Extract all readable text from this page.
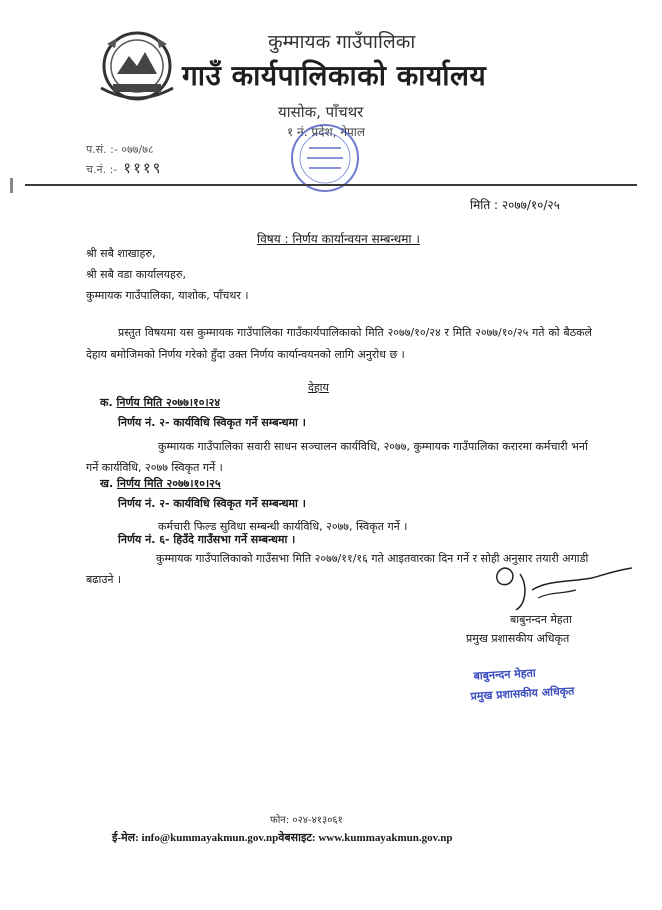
कुम्मायक गाउँपालिका
गाउँ कार्यपालिकाको कार्यालय
यासोक, पाँचथर
१ नं. प्रदेश, नेपाल
प.सं. :- ०७७/७८
च.नं. :- १११९
मिति : २०७७/१०/२५
विषय : निर्णय कार्यान्वयन सम्बन्धमा ।
श्री सबै शाखाहरु,
श्री सबै वडा कार्यालयहरु,
कुम्मायक गाउँपालिका, याशोक, पाँचथर ।
प्रस्तुत विषयमा यस कुम्मायक गाउँपालिका गाउँकार्यपालिकाको मिति २०७७/१०/२४ र मिति २०७७/१०/२५ गते को बैठकले देहाय बमोजिमको निर्णय गरेको हुँदा उक्त निर्णय कार्यान्वयनको लागि अनुरोध छ ।
देहाय
क. निर्णय मिति २०७७।१०।२४
निर्णय नं. २- कार्यविधि स्विकृत गर्ने सम्बन्धमा ।
कुम्मायक गाउँपालिका सवारी साधन सञ्चालन कार्यविधि, २०७७, कुम्मायक गाउँपालिका करारमा कर्मचारी भर्ना गर्ने कार्यविधि, २०७७ स्विकृत गर्ने ।
ख. निर्णय मिति २०७७।१०।२५
निर्णय नं. २- कार्यविधि स्विकृत गर्ने सम्बन्धमा ।
कर्मचारी फिल्ड सुविधा सम्बन्धी कार्यविधि, २०७७, स्विकृत गर्ने ।
निर्णय नं. ६- हिउँदे गाउँसभा गर्ने सम्बन्धमा ।
कुम्मायक गाउँपालिकाको गाउँसभा मिति २०७७/११/१६ गते आइतवारका दिन गर्ने र सोही अनुसार तयारी अगाडी बढाउने ।
बाबुनन्दन मेहता
प्रमुख प्रशासकीय अधिकृत
बाबुनन्दन मेहता
प्रमुख प्रशासकीय अधिकृत
फोन: ०२४-४१३०६१
ई-मेल: info@kummayakmun.gov.npवेबसाइट: www.kummayakmun.gov.np
